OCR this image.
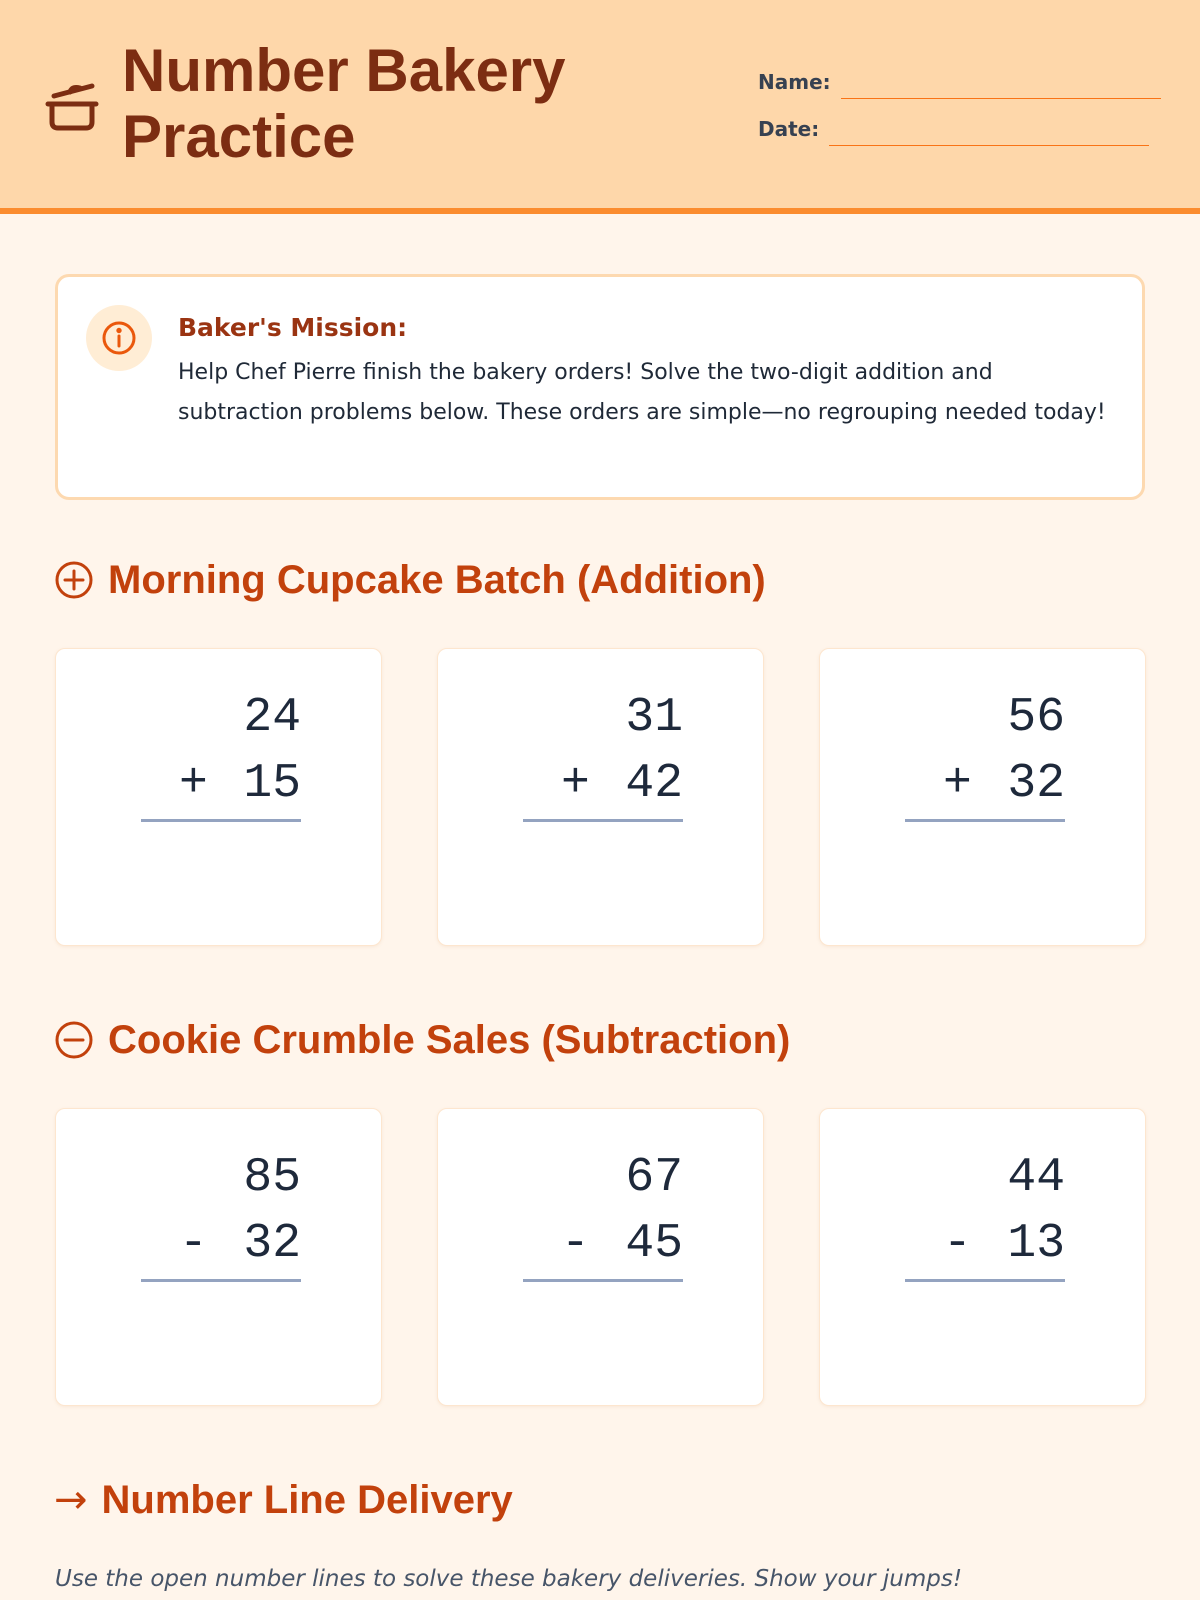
Number Bakery Practice
Name:
Date:
Baker's Mission:
Help Chef Pierre finish the bakery orders! Solve the two-digit addition and subtraction problems below. These orders are simple—no regrouping needed today!
Morning Cupcake Batch (Addition)
24
+ 15
31
+ 42
56
+ 32
Cookie Crumble Sales (Subtraction)
85
- 32
67
- 45
44
- 13
→ Number Line Delivery
Use the open number lines to solve these bakery deliveries. Show your jumps!
